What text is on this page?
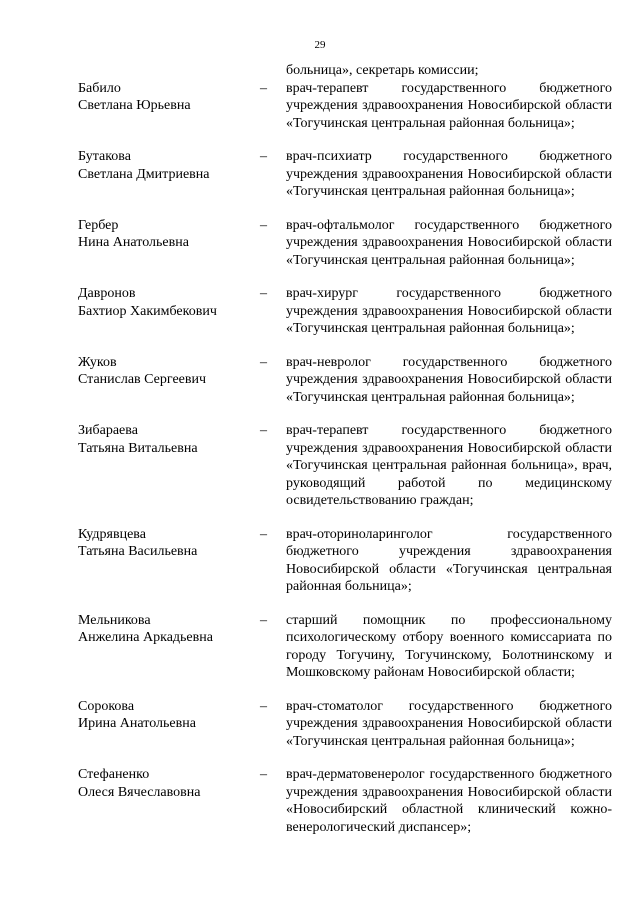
29
больница», секретарь комиссии;
Бабило
Светлана Юрьевна
–	врач-терапевт государственного бюджетного учреждения здравоохранения Новосибирской области «Тогучинская центральная районная больница»;
Бутакова
Светлана Дмитриевна
–	врач-психиатр государственного бюджетного учреждения здравоохранения Новосибирской области «Тогучинская центральная районная больница»;
Гербер
Нина Анатольевна
–	врач-офтальмолог государственного бюджетного учреждения здравоохранения Новосибирской области «Тогучинская центральная районная больница»;
Давронов
Бахтиор Хакимбекович
–	врач-хирург государственного бюджетного учреждения здравоохранения Новосибирской области «Тогучинская центральная районная больница»;
Жуков
Станислав Сергеевич
–	врач-невролог государственного бюджетного учреждения здравоохранения Новосибирской области «Тогучинская центральная районная больница»;
Зибараева
Татьяна Витальевна
–	врач-терапевт государственного бюджетного учреждения здравоохранения Новосибирской области «Тогучинская центральная районная больница», врач, руководящий работой по медицинскому освидетельствованию граждан;
Кудрявцева
Татьяна Васильевна
–	врач-оториноларинголог государственного бюджетного учреждения здравоохранения Новосибирской области «Тогучинская центральная районная больница»;
Мельникова
Анжелина Аркадьевна
–	старший помощник по профессиональному психологическому отбору военного комиссариата по городу Тогучину, Тогучинскому, Болотнинскому и Мошковскому районам Новосибирской области;
Сорокова
Ирина Анатольевна
–	врач-стоматолог государственного бюджетного учреждения здравоохранения Новосибирской области «Тогучинская центральная районная больница»;
Стефаненко
Олеся Вячеславовна
–	врач-дерматовенеролог государственного бюджетного учреждения здравоохранения Новосибирской области «Новосибирский областной клинический кожно-венерологический диспансер»;
